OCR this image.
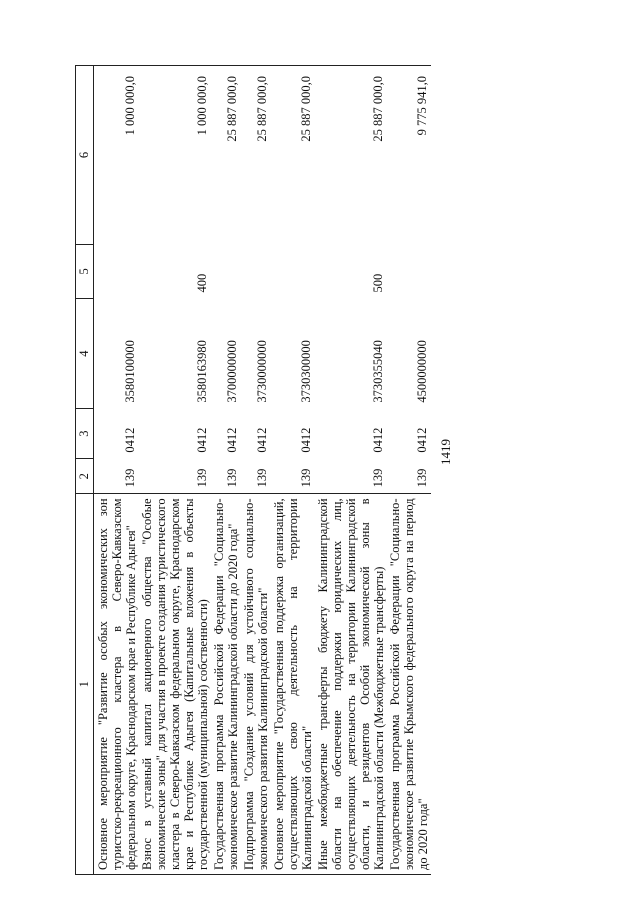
1419
1	2	3	4	5	6
Основное мероприятие "Развитие особых экономических зон туристско-рекреационного кластера в Северо-Кавказском федеральном округе, Краснодарском крае и Республике Адыгея"	139	0412	3580100000		1 000 000,0
Взнос в уставный капитал акционерного общества "Особые экономические зоны" для участия в проекте создания туристического кластера в Северо-Кавказском федеральном округе, Краснодарском крае и Республике Адыгея (Капитальные вложения в объекты государственной (муниципальной) собственности)	139	0412	3580163980	400	1 000 000,0
Государственная программа Российской Федерации "Социально-экономическое развитие Калининградской области до 2020 года"	139	0412	3700000000		25 887 000,0
Подпрограмма "Создание условий для устойчивого социально-экономического развития Калининградской области"	139	0412	3730000000		25 887 000,0
Основное мероприятие "Государственная поддержка организаций, осуществляющих свою деятельность на территории Калининградской области"	139	0412	3730300000		25 887 000,0
Иные межбюджетные трансферты бюджету Калининградской области на обеспечение поддержки юридических лиц, осуществляющих деятельность на территории Калининградской области, и резидентов Особой экономической зоны в Калининградской области (Межбюджетные трансферты)	139	0412	3730355040	500	25 887 000,0
Государственная программа Российской Федерации "Социально-экономическое развитие Крымского федерального округа на период до 2020 года"	139	0412	4500000000		9 775 941,0
